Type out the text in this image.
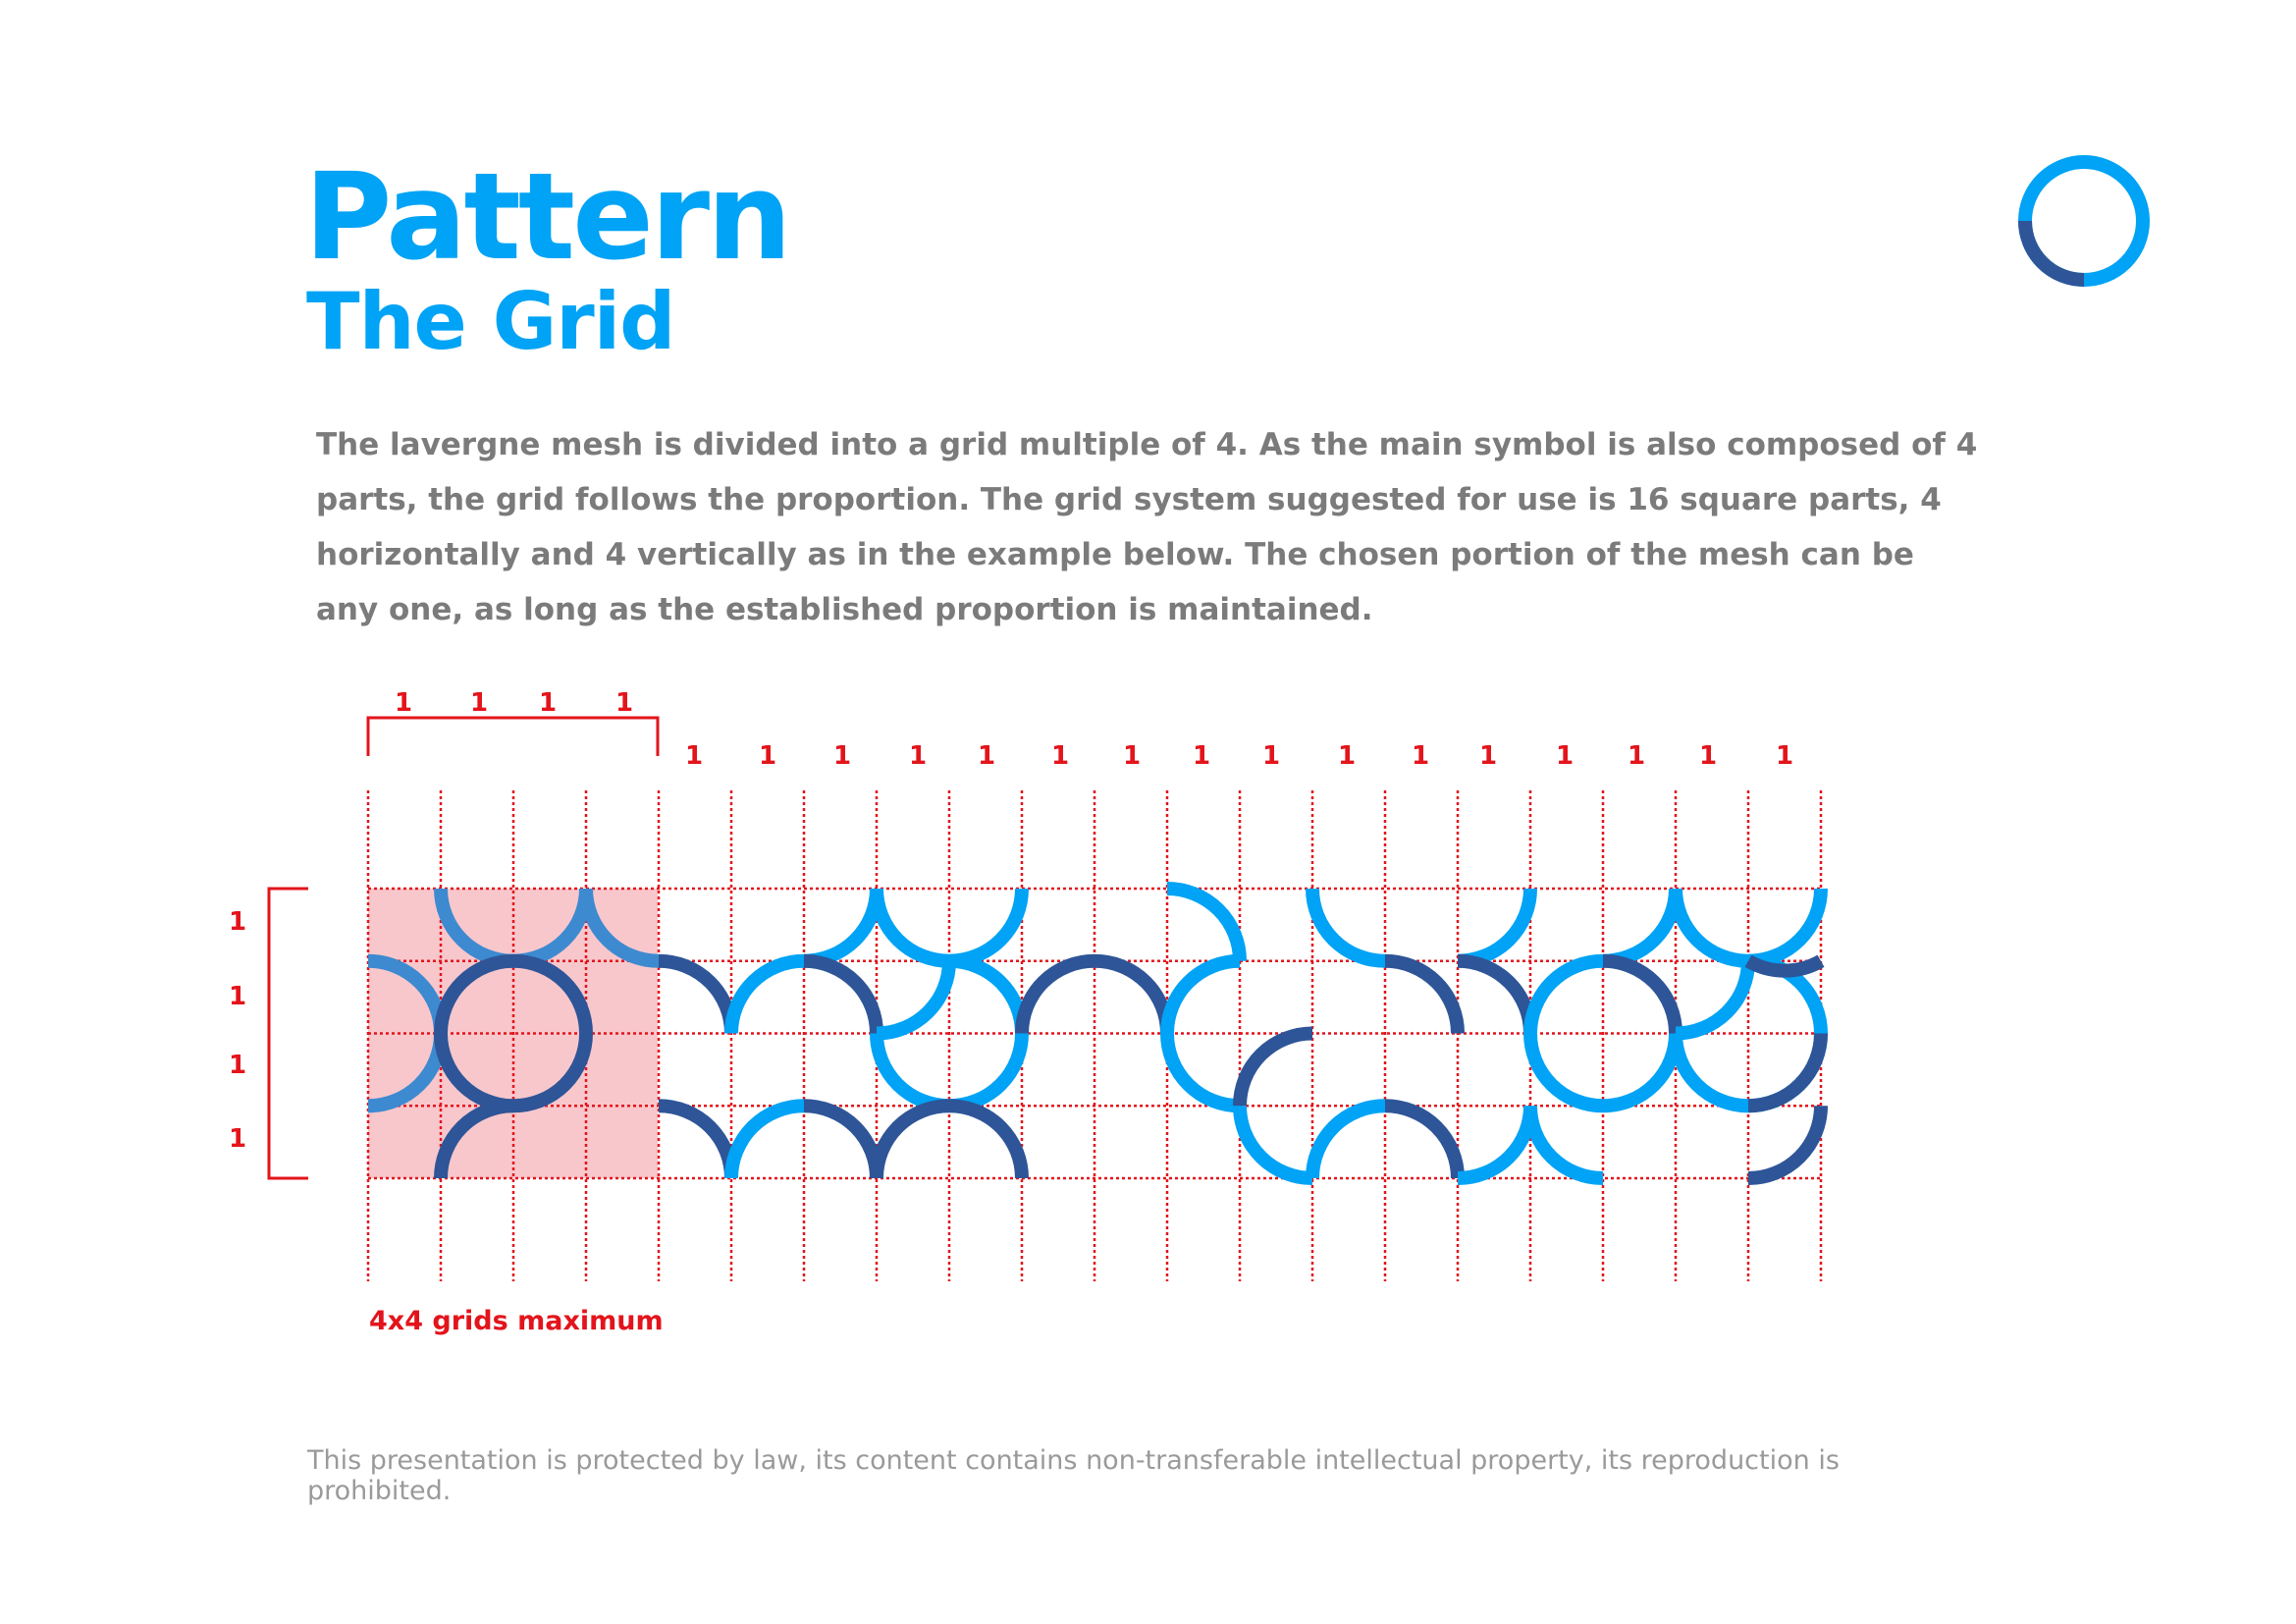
Pattern
The Grid

The lavergne mesh is divided into a grid multiple of 4. As the main symbol is also composed of 4 parts, the grid follows the proportion. The grid system suggested for use is 16 square parts, 4 horizontally and 4 vertically as in the example below. The chosen portion of the mesh can be any one, as long as the established proportion is maintained.

1 1 1 1
1 1 1 1 1 1 1 1 1 1 1 1 1 1 1 1
1
1
1
1
4x4 grids maximum

This presentation is protected by law, its content contains non-transferable intellectual property, its reproduction is prohibited.
